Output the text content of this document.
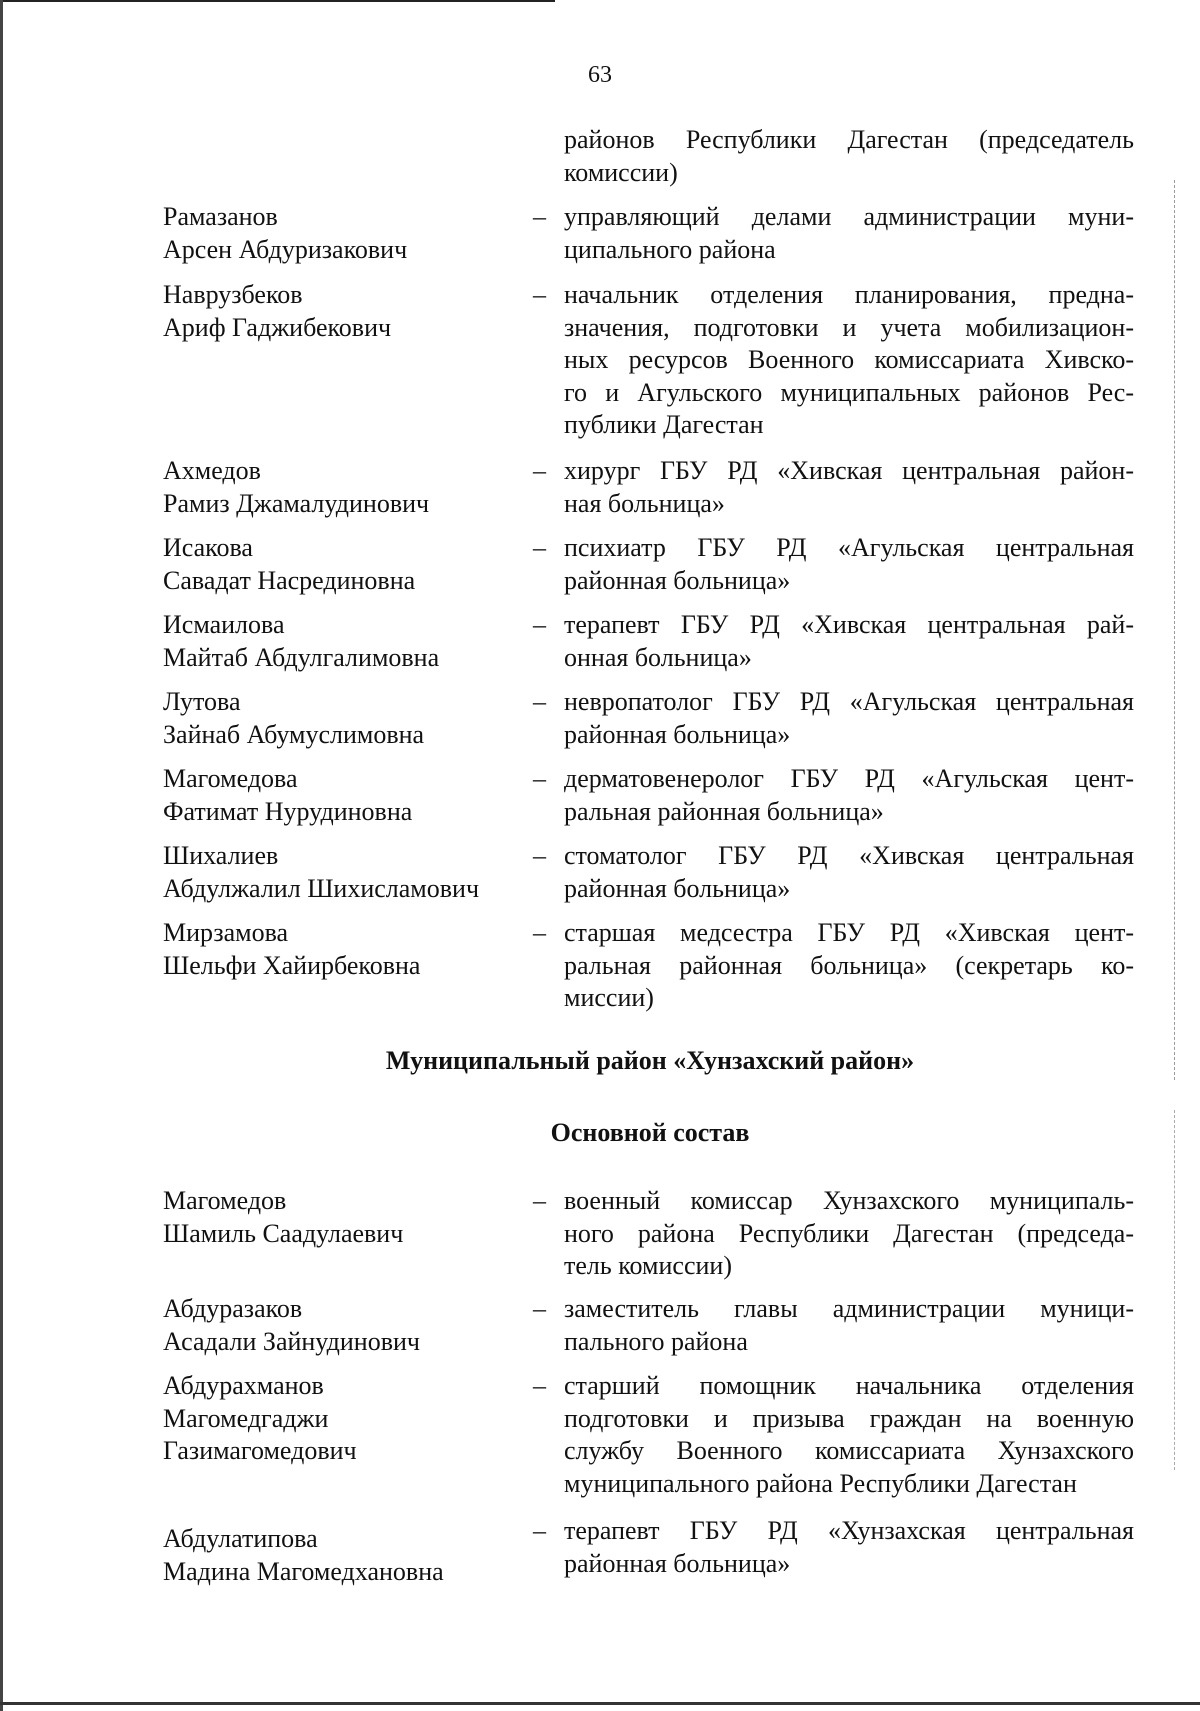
63
районов Республики Дагестан (председатель
комиссии)
Рамазанов
Арсен Абдуризакович
– управляющий делами администрации муни-
ципального района
Наврузбеков
Ариф Гаджибекович
– начальник отделения планирования, предна-
значения, подготовки и учета мобилизацион-
ных ресурсов Военного комиссариата Хивско-
го и Агульского муниципальных районов Рес-
публики Дагестан
Ахмедов
Рамиз Джамалудинович
– хирург ГБУ РД «Хивская центральная район-
ная больница»
Исакова
Савадат Насрединовна
– психиатр ГБУ РД «Агульская центральная
районная больница»
Исмаилова
Майтаб Абдулгалимовна
– терапевт ГБУ РД «Хивская центральная рай-
онная больница»
Лутова
Зайнаб Абумуслимовна
– невропатолог ГБУ РД «Агульская центральная
районная больница»
Магомедова
Фатимат Нурудиновна
– дерматовенеролог ГБУ РД «Агульская цент-
ральная районная больница»
Шихалиев
Абдулжалил Шихисламович
– стоматолог ГБУ РД «Хивская центральная
районная больница»
Мирзамова
Шельфи Хайирбековна
– старшая медсестра ГБУ РД «Хивская цент-
ральная районная больница» (секретарь ко-
миссии)
Муниципальный район «Хунзахский район»
Основной состав
Магомедов
Шамиль Саадулаевич
– военный комиссар Хунзахского муниципаль-
ного района Республики Дагестан (председа-
тель комиссии)
Абдуразаков
Асадали Зайнудинович
– заместитель главы администрации муници-
пального района
Абдурахманов
Магомедгаджи
Газимагомедович
– старший помощник начальника отделения
подготовки и призыва граждан на военную
службу Военного комиссариата Хунзахского
муниципального района Республики Дагестан
Абдулатипова
Мадина Магомедхановна
– терапевт ГБУ РД «Хунзахская центральная
районная больница»
